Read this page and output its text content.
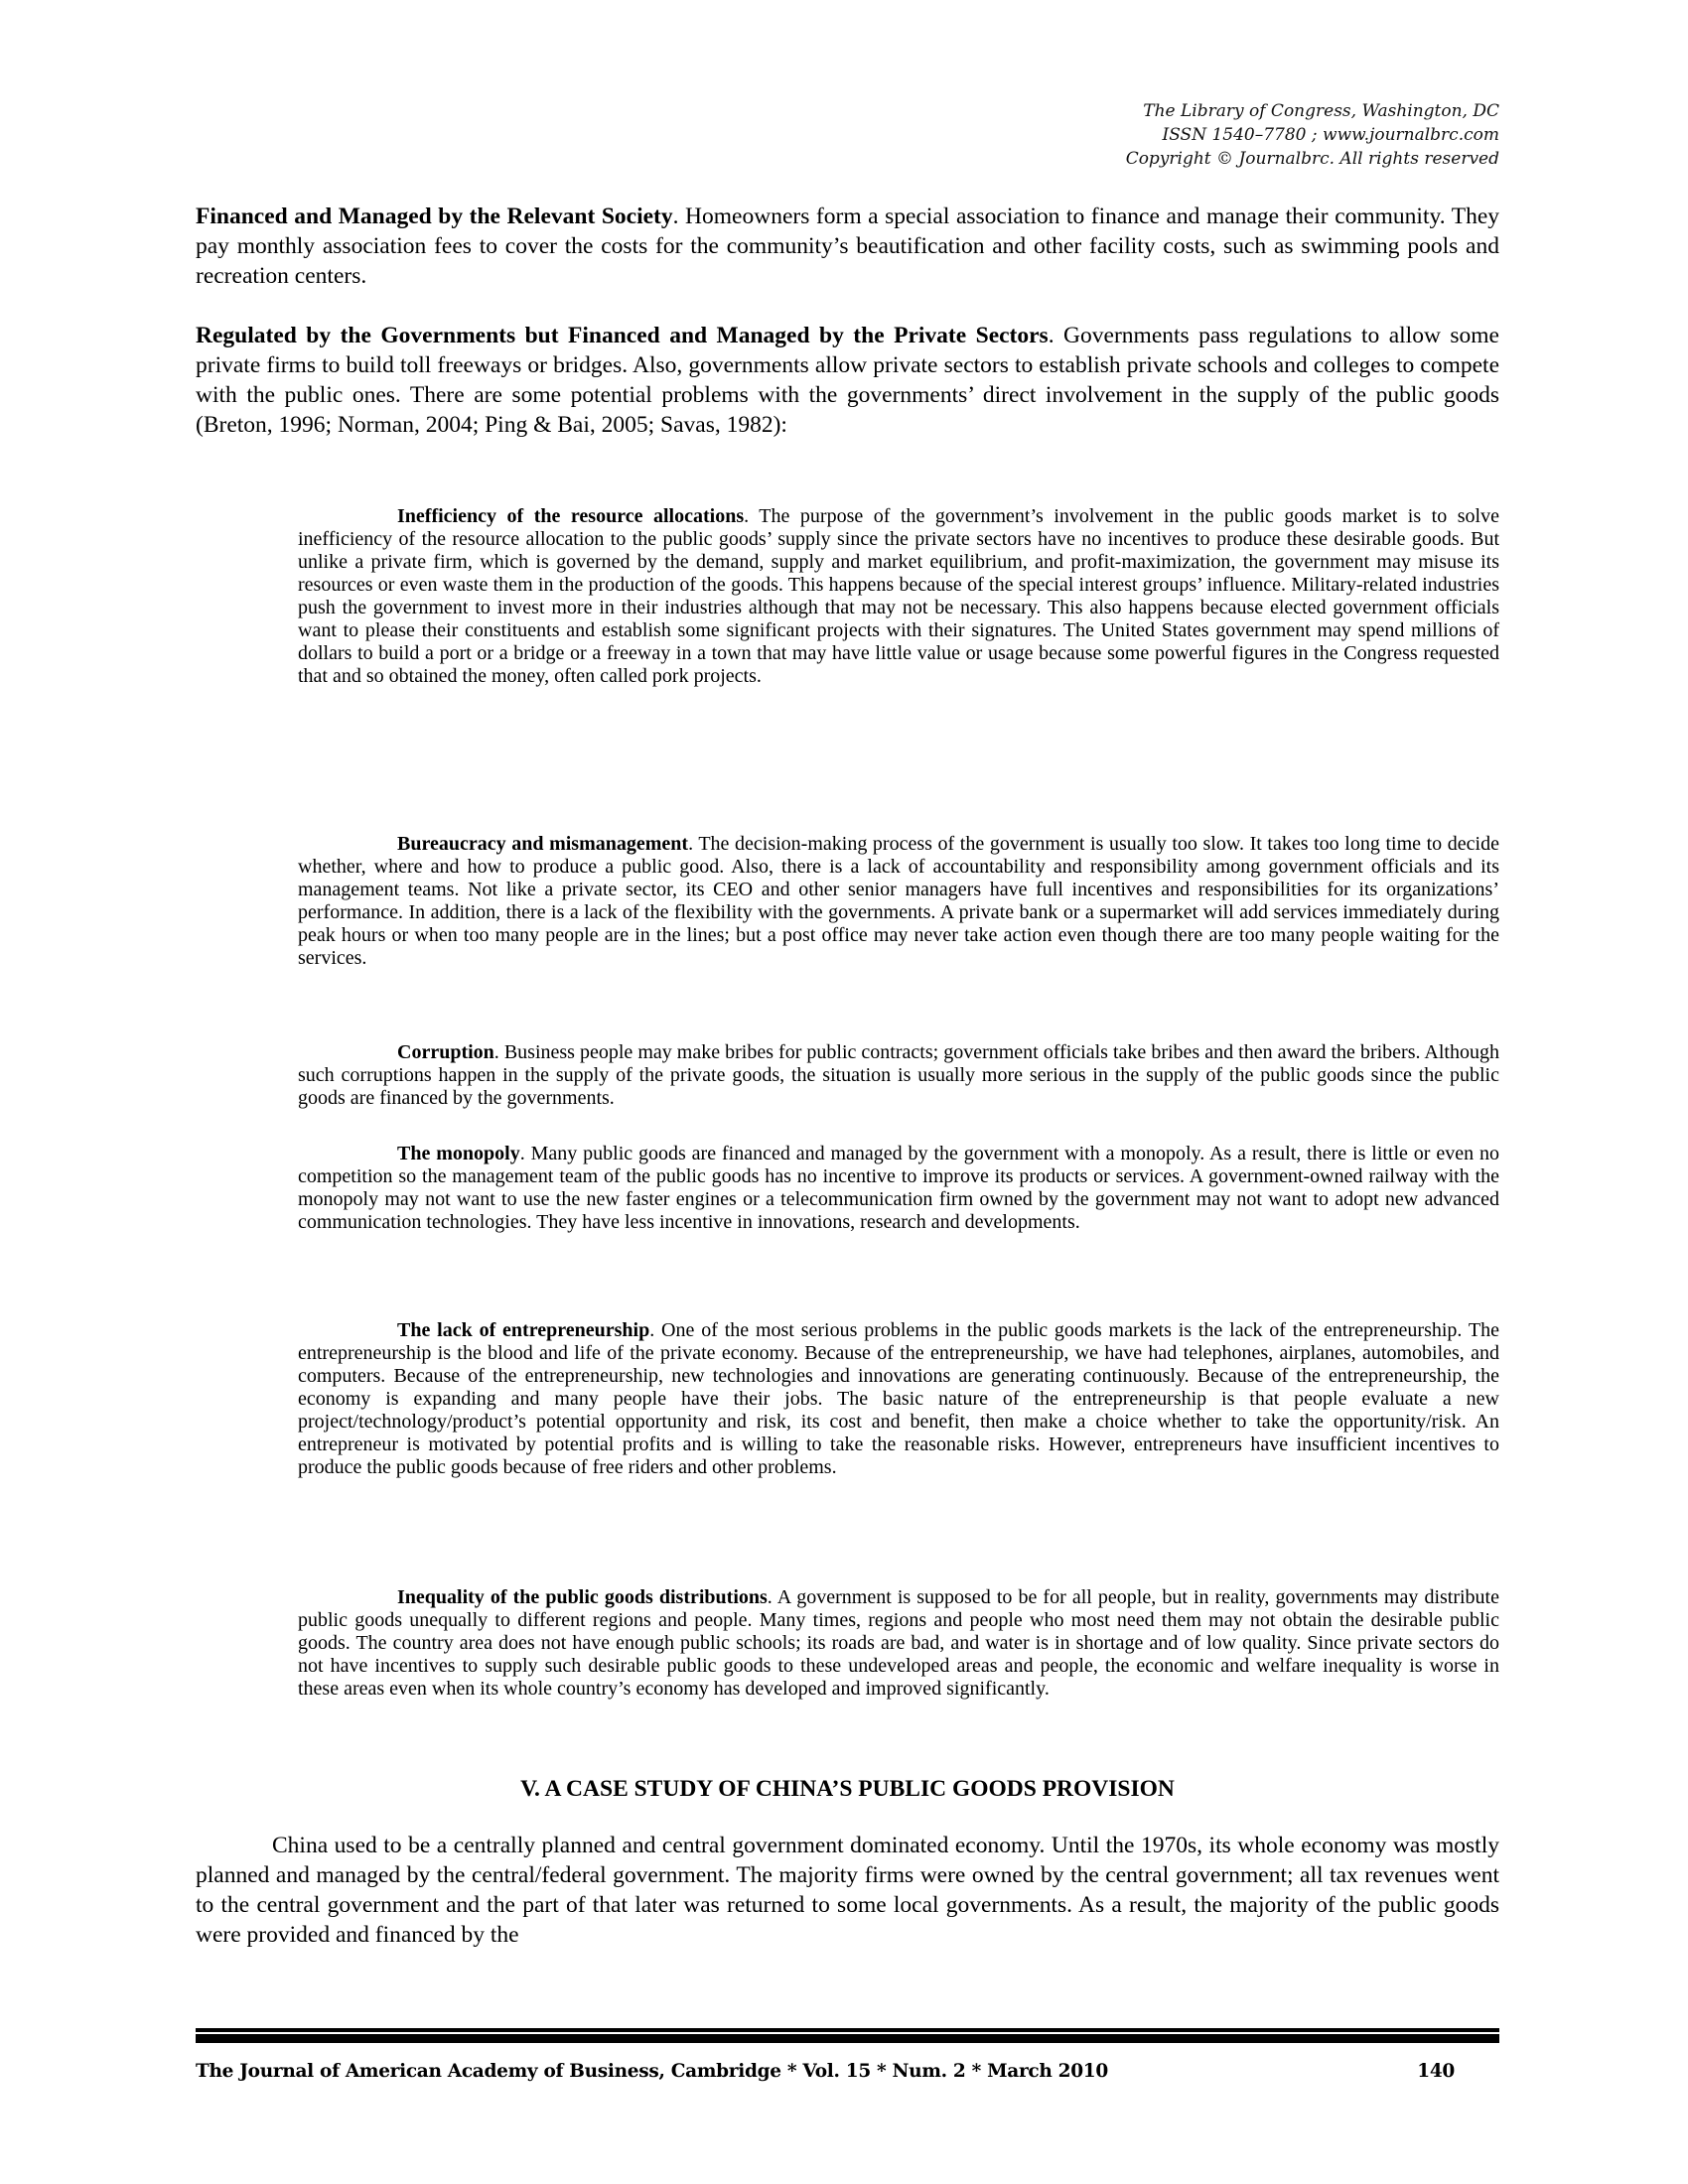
The Library of Congress, Washington, DC
ISSN 1540–7780 ; www.journalbrc.com
Copyright © Journalbrc. All rights reserved

Financed and Managed by the Relevant Society. Homeowners form a special association to finance and manage their community. They pay monthly association fees to cover the costs for the community’s beautification and other facility costs, such as swimming pools and recreation centers.

Regulated by the Governments but Financed and Managed by the Private Sectors. Governments pass regulations to allow some private firms to build toll freeways or bridges. Also, governments allow private sectors to establish private schools and colleges to compete with the public ones. There are some potential problems with the governments’ direct involvement in the supply of the public goods (Breton, 1996; Norman, 2004; Ping & Bai, 2005; Savas, 1982):

Inefficiency of the resource allocations. The purpose of the government’s involvement in the public goods market is to solve inefficiency of the resource allocation to the public goods’ supply since the private sectors have no incentives to produce these desirable goods. But unlike a private firm, which is governed by the demand, supply and market equilibrium, and profit-maximization, the government may misuse its resources or even waste them in the production of the goods. This happens because of the special interest groups’ influence. Military-related industries push the government to invest more in their industries although that may not be necessary. This also happens because elected government officials want to please their constituents and establish some significant projects with their signatures. The United States government may spend millions of dollars to build a port or a bridge or a freeway in a town that may have little value or usage because some powerful figures in the Congress requested that and so obtained the money, often called pork projects.

Bureaucracy and mismanagement. The decision-making process of the government is usually too slow. It takes too long time to decide whether, where and how to produce a public good. Also, there is a lack of accountability and responsibility among government officials and its management teams. Not like a private sector, its CEO and other senior managers have full incentives and responsibilities for its organizations’ performance. In addition, there is a lack of the flexibility with the governments. A private bank or a supermarket will add services immediately during peak hours or when too many people are in the lines; but a post office may never take action even though there are too many people waiting for the services.

Corruption. Business people may make bribes for public contracts; government officials take bribes and then award the bribers. Although such corruptions happen in the supply of the private goods, the situation is usually more serious in the supply of the public goods since the public goods are financed by the governments.

The monopoly. Many public goods are financed and managed by the government with a monopoly. As a result, there is little or even no competition so the management team of the public goods has no incentive to improve its products or services. A government-owned railway with the monopoly may not want to use the new faster engines or a telecommunication firm owned by the government may not want to adopt new advanced communication technologies. They have less incentive in innovations, research and developments.

The lack of entrepreneurship. One of the most serious problems in the public goods markets is the lack of the entrepreneurship. The entrepreneurship is the blood and life of the private economy. Because of the entrepreneurship, we have had telephones, airplanes, automobiles, and computers. Because of the entrepreneurship, new technologies and innovations are generating continuously. Because of the entrepreneurship, the economy is expanding and many people have their jobs. The basic nature of the entrepreneurship is that people evaluate a new project/technology/product’s potential opportunity and risk, its cost and benefit, then make a choice whether to take the opportunity/risk. An entrepreneur is motivated by potential profits and is willing to take the reasonable risks. However, entrepreneurs have insufficient incentives to produce the public goods because of free riders and other problems.

Inequality of the public goods distributions. A government is supposed to be for all people, but in reality, governments may distribute public goods unequally to different regions and people. Many times, regions and people who most need them may not obtain the desirable public goods. The country area does not have enough public schools; its roads are bad, and water is in shortage and of low quality. Since private sectors do not have incentives to supply such desirable public goods to these undeveloped areas and people, the economic and welfare inequality is worse in these areas even when its whole country’s economy has developed and improved significantly.

V. A CASE STUDY OF CHINA’S PUBLIC GOODS PROVISION

China used to be a centrally planned and central government dominated economy. Until the 1970s, its whole economy was mostly planned and managed by the central/federal government. The majority firms were owned by the central government; all tax revenues went to the central government and the part of that later was returned to some local governments. As a result, the majority of the public goods were provided and financed by the

The Journal of American Academy of Business, Cambridge * Vol. 15 * Num. 2 * March 2010	140
